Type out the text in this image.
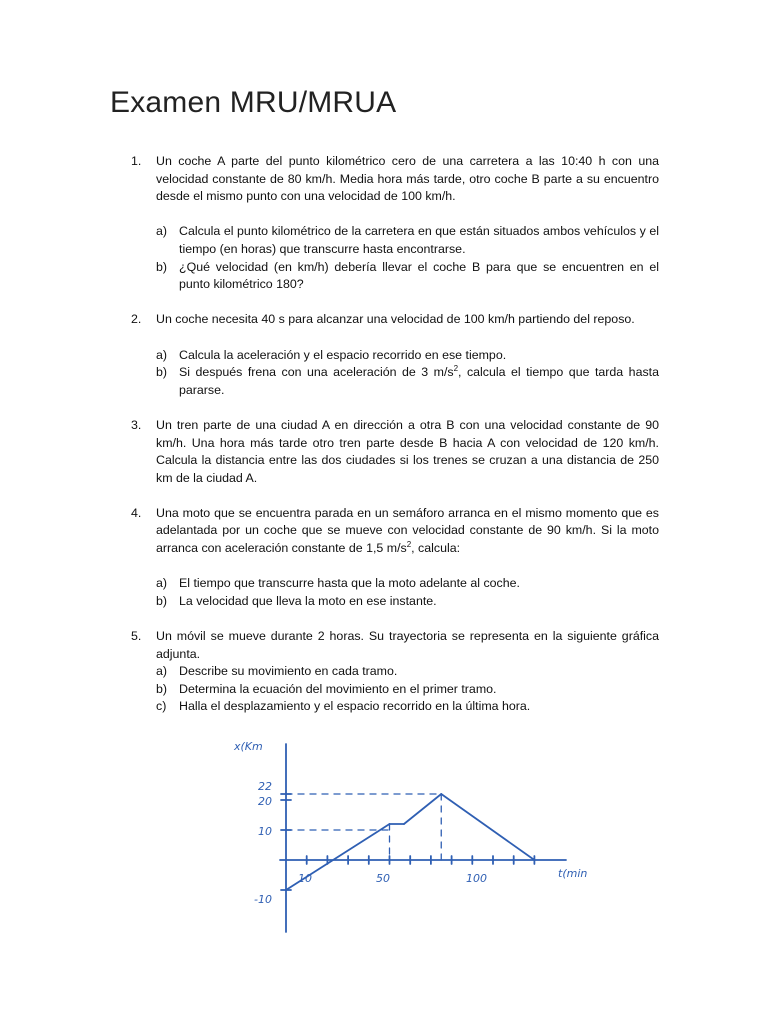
Examen MRU/MRUA
1. Un coche A parte del punto kilométrico cero de una carretera a las 10:40 h con una velocidad constante de 80 km/h. Media hora más tarde, otro coche B parte a su encuentro desde el mismo punto con una velocidad de 100 km/h.
a) Calcula el punto kilométrico de la carretera en que están situados ambos vehículos y el tiempo (en horas) que transcurre hasta encontrarse.
b) ¿Qué velocidad (en km/h) debería llevar el coche B para que se encuentren en el punto kilométrico 180?
2. Un coche necesita 40 s para alcanzar una velocidad de 100 km/h partiendo del reposo.
a) Calcula la aceleración y el espacio recorrido en ese tiempo.
b) Si después frena con una aceleración de 3 $m/s^2$, calcula el tiempo que tarda hasta pararse.
3. Un tren parte de una ciudad A en dirección a otra B con una velocidad constante de 90 km/h. Una hora más tarde otro tren parte desde B hacia A con velocidad de 120 km/h. Calcula la distancia entre las dos ciudades si los trenes se cruzan a una distancia de 250 km de la ciudad A.
4. Una moto que se encuentra parada en un semáforo arranca en el mismo momento que es adelantada por un coche que se mueve con velocidad constante de 90 km/h. Si la moto arranca con aceleración constante de 1,5 $m/s^2$, calcula:
a) El tiempo que transcurre hasta que la moto adelante al coche.
b) La velocidad que lleva la moto en ese instante.
5. Un móvil se mueve durante 2 horas. Su trayectoria se representa en la siguiente gráfica adjunta.
a) Describe su movimiento en cada tramo.
b) Determina la ecuación del movimiento en el primer tramo.
c) Halla el desplazamiento y el espacio recorrido en la última hora.
x(Km
t(min
22
20
10
-10
10	50	100
